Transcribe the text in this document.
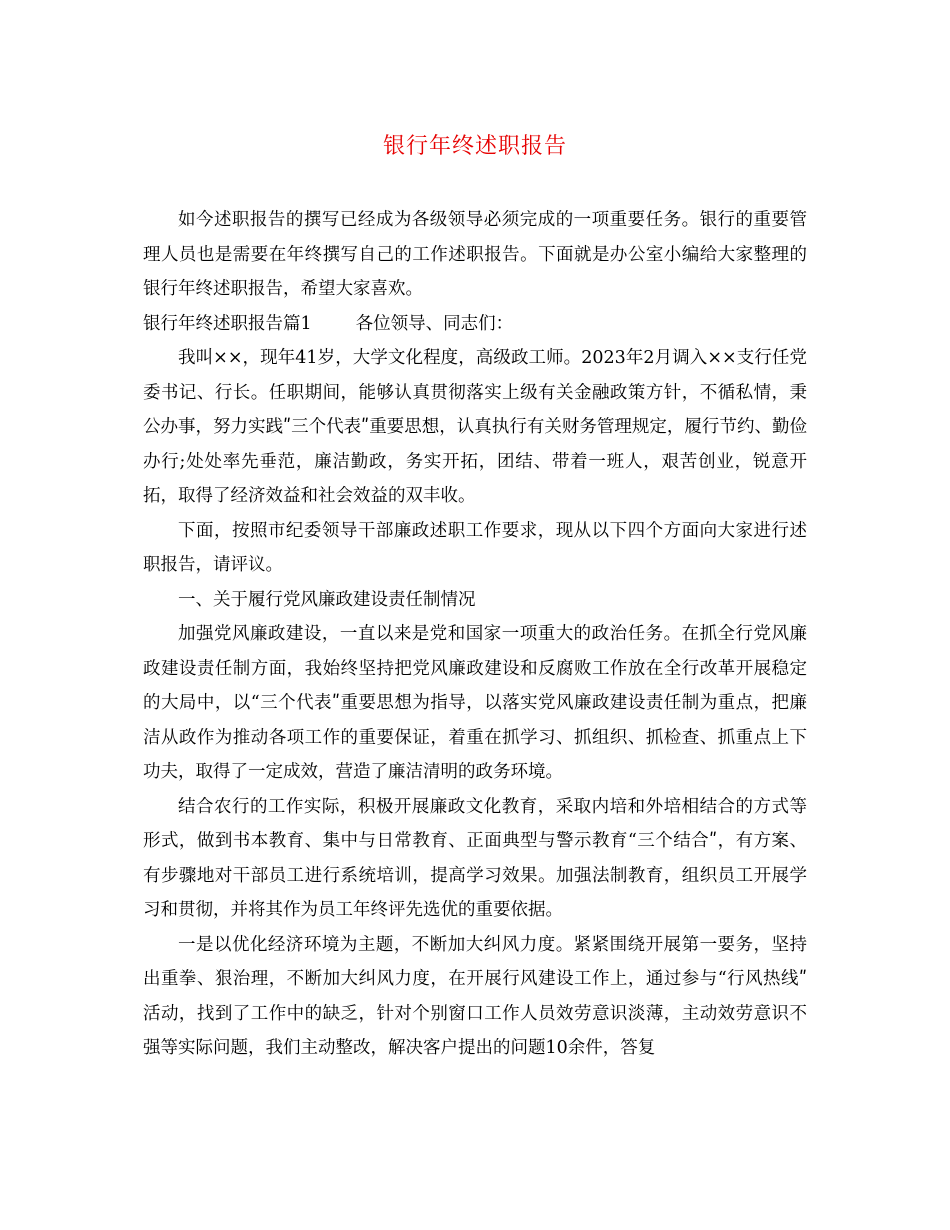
银行年终述职报告

如今述职报告的撰写已经成为各级领导必须完成的一项重要任务。银行的重要管理人员也是需要在年终撰写自己的工作述职报告。下面就是办公室小编给大家整理的银行年终述职报告，希望大家喜欢。

银行年终述职报告篇1	各位领导、同志们：

我叫××，现年41岁，大学文化程度，高级政工师。2023年2月调入××支行任党委书记、行长。任职期间，能够认真贯彻落实上级有关金融政策方针，不循私情，秉公办事，努力实践ʺ三个代表ʺ重要思想，认真执行有关财务管理规定，履行节约、勤俭办行;处处率先垂范，廉洁勤政，务实开拓，团结、带着一班人，艰苦创业，锐意开拓，取得了经济效益和社会效益的双丰收。

下面，按照市纪委领导干部廉政述职工作要求，现从以下四个方面向大家进行述职报告，请评议。

一、关于履行党风廉政建设责任制情况

加强党风廉政建设，一直以来是党和国家一项重大的政治任务。在抓全行党风廉政建设责任制方面，我始终坚持把党风廉政建设和反腐败工作放在全行改革开展稳定的大局中，以“三个代表ʺ重要思想为指导，以落实党风廉政建设责任制为重点，把廉洁从政作为推动各项工作的重要保证，着重在抓学习、抓组织、抓检查、抓重点上下功夫，取得了一定成效，营造了廉洁清明的政务环境。

结合农行的工作实际，积极开展廉政文化教育，采取内培和外培相结合的方式等形式，做到书本教育、集中与日常教育、正面典型与警示教育“三个结合ʺ，有方案、有步骤地对干部员工进行系统培训，提高学习效果。加强法制教育，组织员工开展学习和贯彻，并将其作为员工年终评先选优的重要依据。

一是以优化经济环境为主题，不断加大纠风力度。紧紧围绕开展第一要务，坚持出重拳、狠治理，不断加大纠风力度，在开展行风建设工作上，通过参与“行风热线ʺ活动，找到了工作中的缺乏，针对个别窗口工作人员效劳意识淡薄，主动效劳意识不强等实际问题，我们主动整改，解决客户提出的问题10余件，答复
